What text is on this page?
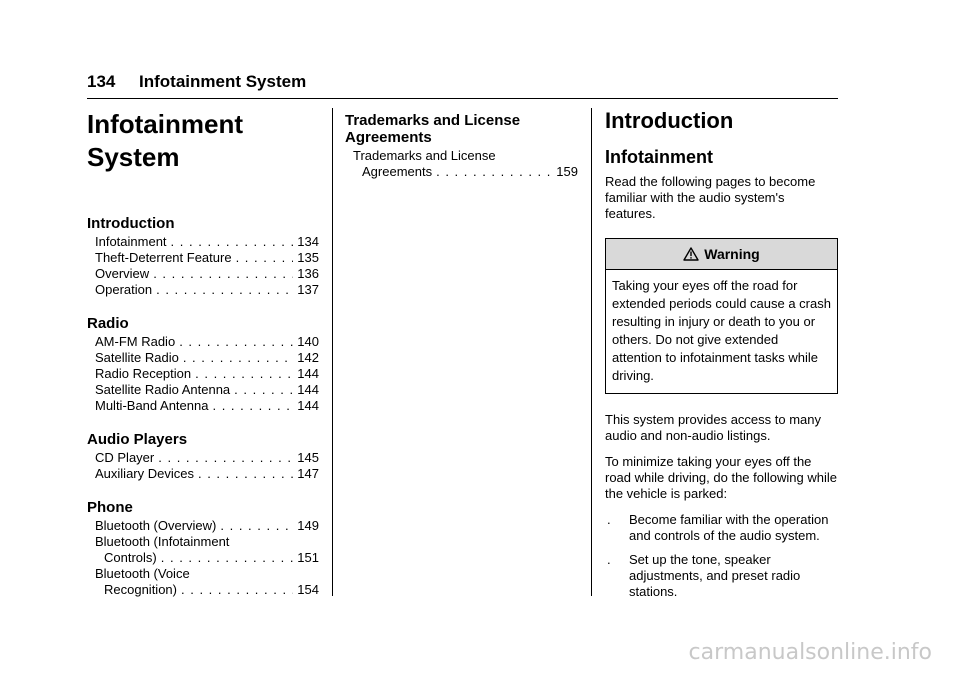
134 Infotainment System
Infotainment
System
Introduction
Infotainment . . .	134
Theft-Deterrent Feature . . .	135
Overview . . .	136
Operation . . .	137
Radio
AM-FM Radio . . .	140
Satellite Radio . . .	142
Radio Reception . . .	144
Satellite Radio Antenna . . .	144
Multi-Band Antenna . . .	144
Audio Players
CD Player . . .	145
Auxiliary Devices . . .	147
Phone
Bluetooth (Overview) . . .	149
Bluetooth (Infotainment
Controls) . . .	151
Bluetooth (Voice
Recognition) . . .	154
Trademarks and License
Agreements
Trademarks and License
Agreements . . .	159
Introduction
Infotainment

Read the following pages to become familiar with the audio system's features.

Warning
Taking your eyes off the road for extended periods could cause a crash resulting in injury or death to you or others. Do not give extended attention to infotainment tasks while driving.

This system provides access to many audio and non-audio listings.

To minimize taking your eyes off the road while driving, do the following while the vehicle is parked:

.	Become familiar with the operation and controls of the audio system.
.	Set up the tone, speaker adjustments, and preset radio stations.
carmanualsonline.info
